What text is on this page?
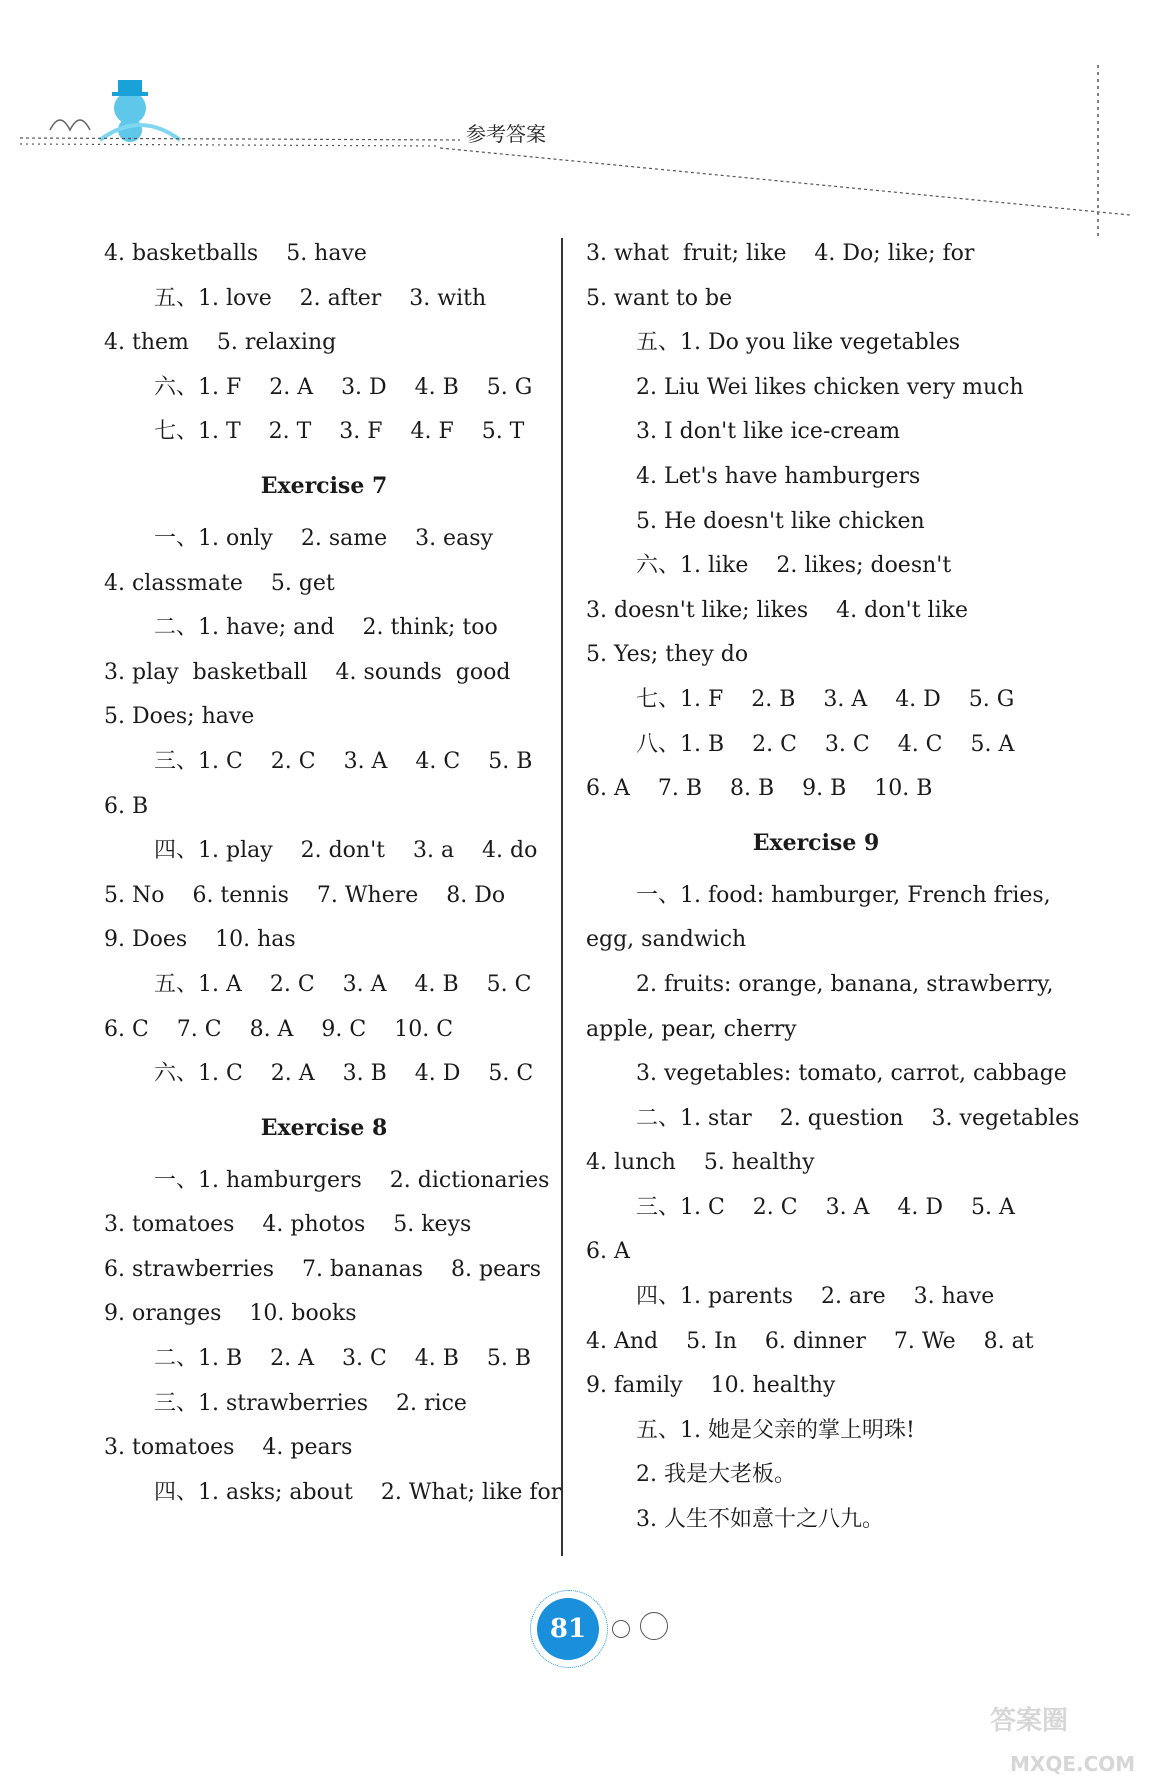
参考答案
4. basketballs    5. have
五、1. love    2. after    3. with
4. them    5. relaxing
六、1. F    2. A    3. D    4. B    5. G
七、1. T    2. T    3. F    4. F    5. T
Exercise 7
一、1. only    2. same    3. easy
4. classmate    5. get
二、1. have; and    2. think; too
3. play  basketball    4. sounds  good
5. Does; have
三、1. C    2. C    3. A    4. C    5. B
6. B
四、1. play    2. don't    3. a    4. do
5. No    6. tennis    7. Where    8. Do
9. Does    10. has
五、1. A    2. C    3. A    4. B    5. C
6. C    7. C    8. A    9. C    10. C
六、1. C    2. A    3. B    4. D    5. C
Exercise 8
一、1. hamburgers    2. dictionaries
3. tomatoes    4. photos    5. keys
6. strawberries    7. bananas    8. pears
9. oranges    10. books
二、1. B    2. A    3. C    4. B    5. B
三、1. strawberries    2. rice
3. tomatoes    4. pears
四、1. asks; about    2. What; like for
3. what  fruit; like    4. Do; like; for
5. want to be
五、1. Do you like vegetables
2. Liu Wei likes chicken very much
3. I don't like ice-cream
4. Let's have hamburgers
5. He doesn't like chicken
六、1. like    2. likes; doesn't
3. doesn't like; likes    4. don't like
5. Yes; they do
七、1. F    2. B    3. A    4. D    5. G
八、1. B    2. C    3. C    4. C    5. A
6. A    7. B    8. B    9. B    10. B
Exercise 9
一、1. food: hamburger, French fries,
egg, sandwich
2. fruits: orange, banana, strawberry,
apple, pear, cherry
3. vegetables: tomato, carrot, cabbage
二、1. star    2. question    3. vegetables
4. lunch    5. healthy
三、1. C    2. C    3. A    4. D    5. A
6. A
四、1. parents    2. are    3. have
4. And    5. In    6. dinner    7. We    8. at
9. family    10. healthy
五、1. 她是父亲的掌上明珠!
2. 我是大老板。
3. 人生不如意十之八九。
81
答案圈
MXQE.COM
